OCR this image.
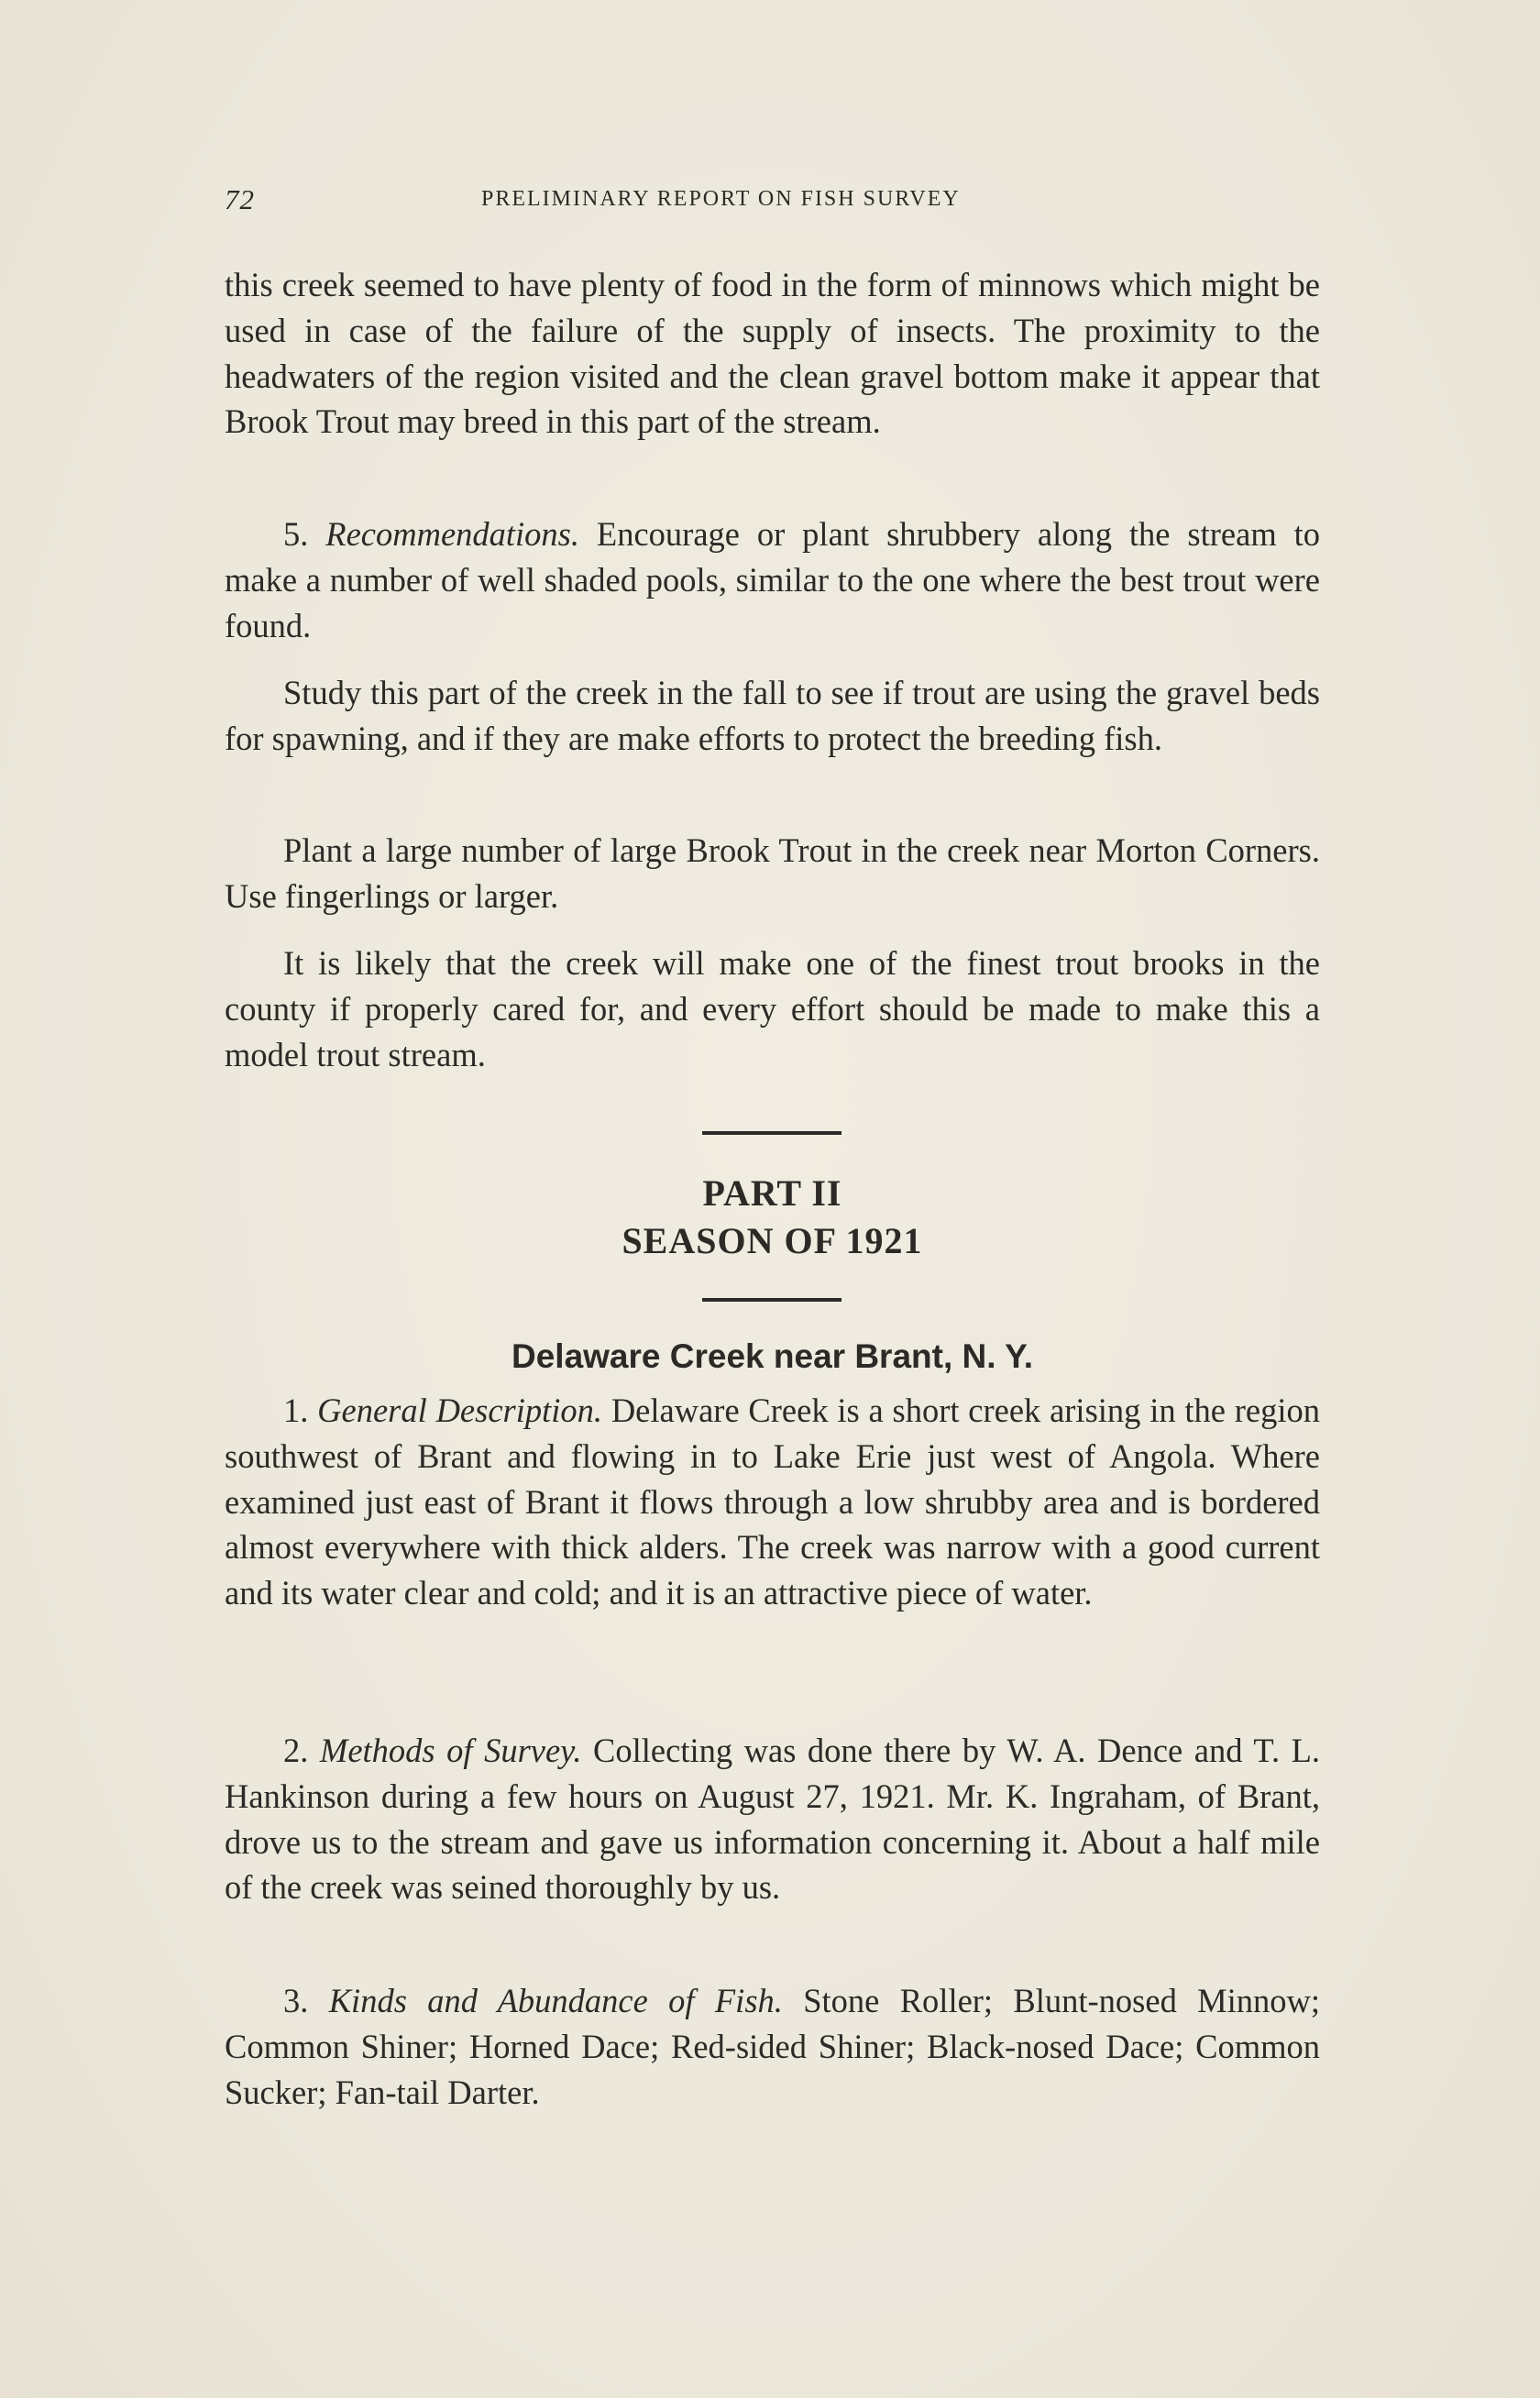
72	PRELIMINARY REPORT ON FISH SURVEY

this creek seemed to have plenty of food in the form of minnows which might be used in case of the failure of the supply of insects. The proximity to the headwaters of the region visited and the clean gravel bottom make it appear that Brook Trout may breed in this part of the stream.

5. Recommendations. Encourage or plant shrubbery along the stream to make a number of well shaded pools, similar to the one where the best trout were found.

Study this part of the creek in the fall to see if trout are using the gravel beds for spawning, and if they are make efforts to protect the breeding fish.

Plant a large number of large Brook Trout in the creek near Morton Corners. Use fingerlings or larger.

It is likely that the creek will make one of the finest trout brooks in the county if properly cared for, and every effort should be made to make this a model trout stream.

PART II
SEASON OF 1921
Delaware Creek near Brant, N. Y.

1. General Description. Delaware Creek is a short creek arising in the region southwest of Brant and flowing in to Lake Erie just west of Angola. Where examined just east of Brant it flows through a low shrubby area and is bordered almost everywhere with thick alders. The creek was narrow with a good current and its water clear and cold; and it is an attractive piece of water.

2. Methods of Survey. Collecting was done there by W. A. Dence and T. L. Hankinson during a few hours on August 27, 1921. Mr. K. Ingraham, of Brant, drove us to the stream and gave us information concerning it. About a half mile of the creek was seined thoroughly by us.

3. Kinds and Abundance of Fish. Stone Roller; Blunt-nosed Minnow; Common Shiner; Horned Dace; Red-sided Shiner; Black-nosed Dace; Common Sucker; Fan-tail Darter.
